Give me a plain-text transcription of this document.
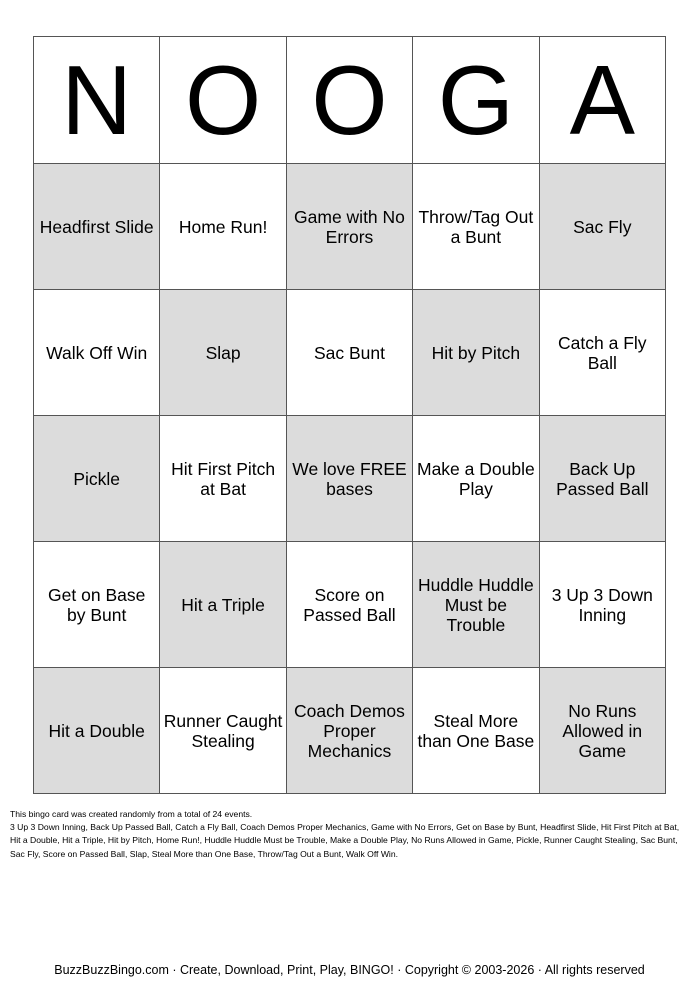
N	O	O	G	A
Headfirst Slide	Home Run!	Game with No Errors	Throw/Tag Out a Bunt	Sac Fly
Walk Off Win	Slap	Sac Bunt	Hit by Pitch	Catch a Fly Ball
Pickle	Hit First Pitch at Bat	We love FREE bases	Make a Double Play	Back Up Passed Ball
Get on Base by Bunt	Hit a Triple	Score on Passed Ball	Huddle Huddle Must be Trouble	3 Up 3 Down Inning
Hit a Double	Runner Caught Stealing	Coach Demos Proper Mechanics	Steal More than One Base	No Runs Allowed in Game
This bingo card was created randomly from a total of 24 events.
3 Up 3 Down Inning, Back Up Passed Ball, Catch a Fly Ball, Coach Demos Proper Mechanics, Game with No Errors, Get on Base by Bunt, Headfirst Slide, Hit First Pitch at Bat, Hit a Double, Hit a Triple, Hit by Pitch, Home Run!, Huddle Huddle Must be Trouble, Make a Double Play, No Runs Allowed in Game, Pickle, Runner Caught Stealing, Sac Bunt, Sac Fly, Score on Passed Ball, Slap, Steal More than One Base, Throw/Tag Out a Bunt, Walk Off Win.
BuzzBuzzBingo.com · Create, Download, Print, Play, BINGO! · Copyright © 2003-2026 · All rights reserved
